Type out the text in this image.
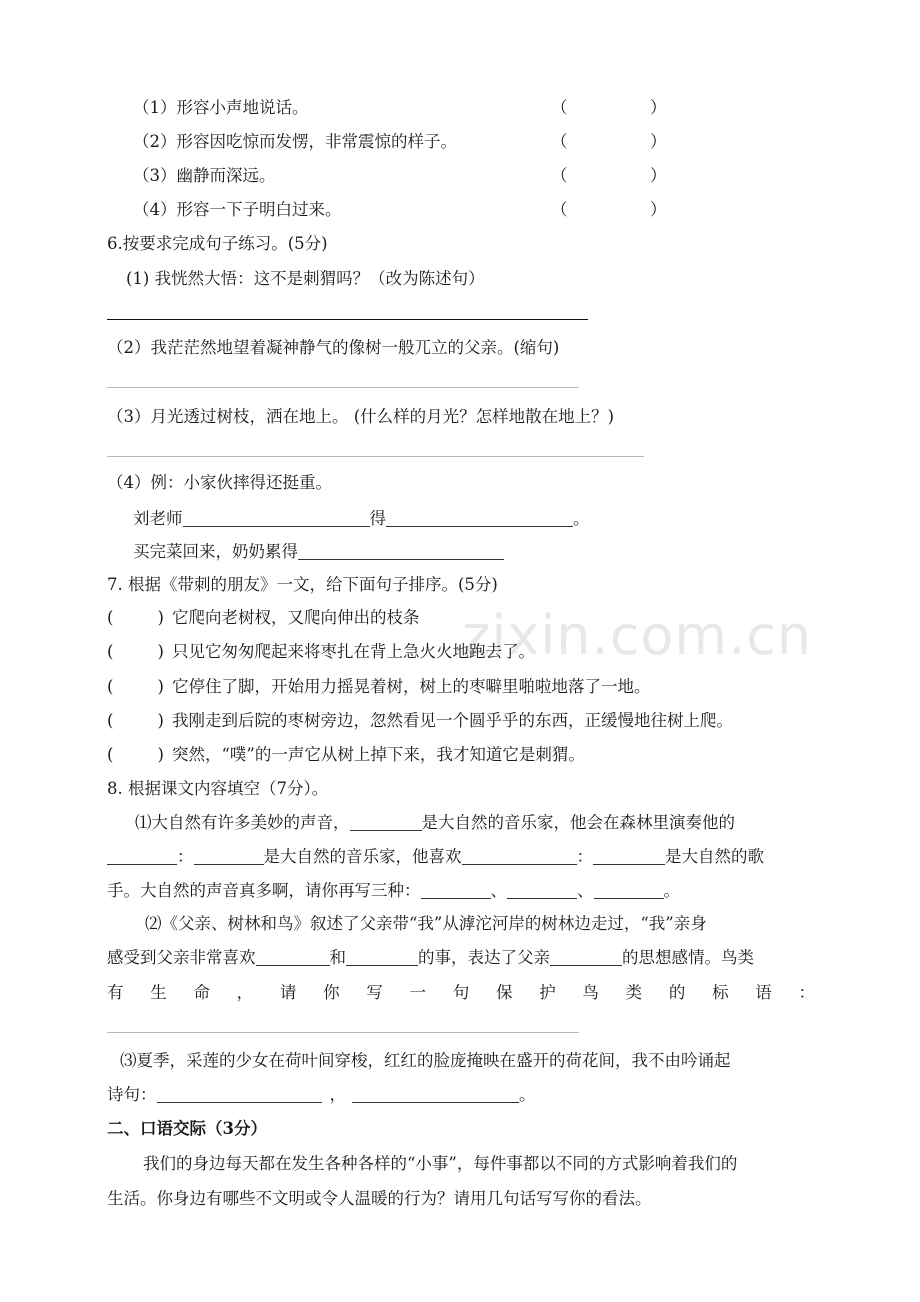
zixin.com.cn
（1）形容小声地说话。	（　　　　　）
（2）形容因吃惊而发愣，非常震惊的样子。	（　　　　　）
（3）幽静而深远。	（　　　　　）
（4）形容一下子明白过来。	（　　　　　）
6.按要求完成句子练习。(5分)
(1) 我恍然大悟：这不是刺猬吗？（改为陈述句）
（2）我茫茫然地望着凝神静气的像树一般兀立的父亲。(缩句)
（3）月光透过树枝，洒在地上。 (什么样的月光？怎样地散在地上？)
（4）例：小家伙摔得还挺重。
刘老师	得	。
买完菜回来，奶奶累得
7. 根据《带刺的朋友》一文，给下面句子排序。(5分)
(	) 它爬向老树杈，又爬向伸出的枝条
(	) 只见它匆匆爬起来将枣扎在背上急火火地跑去了。
(	) 它停住了脚，开始用力摇晃着树，树上的枣噼里啪啦地落了一地。
(	) 我刚走到后院的枣树旁边，忽然看见一个圆乎乎的东西，正缓慢地往树上爬。
(	) 突然，“噗”的一声它从树上掉下来，我才知道它是刺猬。
8. 根据课文内容填空（7分）。
⑴大自然有许多美妙的声音，	是大自然的音乐家，他会在森林里演奏他的
：	是大自然的音乐家，他喜欢	：	是大自然的歌
手。大自然的声音真多啊，请你再写三种：	、	、	。
⑵《父亲、树林和鸟》叙述了父亲带“我”从滹沱河岸的树林边走过，“我”亲身
感受到父亲非常喜欢	和	的事，表达了父亲	的思想感情。鸟类
有 生 命 ， 请 你 写 一 句 保 护 鸟 类 的 标 语 ：
⑶夏季，采莲的少女在荷叶间穿梭，红红的脸庞掩映在盛开的荷花间，我不由吟诵起
诗句：	，	。
二、口语交际（3分）
我们的身边每天都在发生各种各样的“小事”，每件事都以不同的方式影响着我们的
生活。你身边有哪些不文明或令人温暖的行为？请用几句话写写你的看法。
